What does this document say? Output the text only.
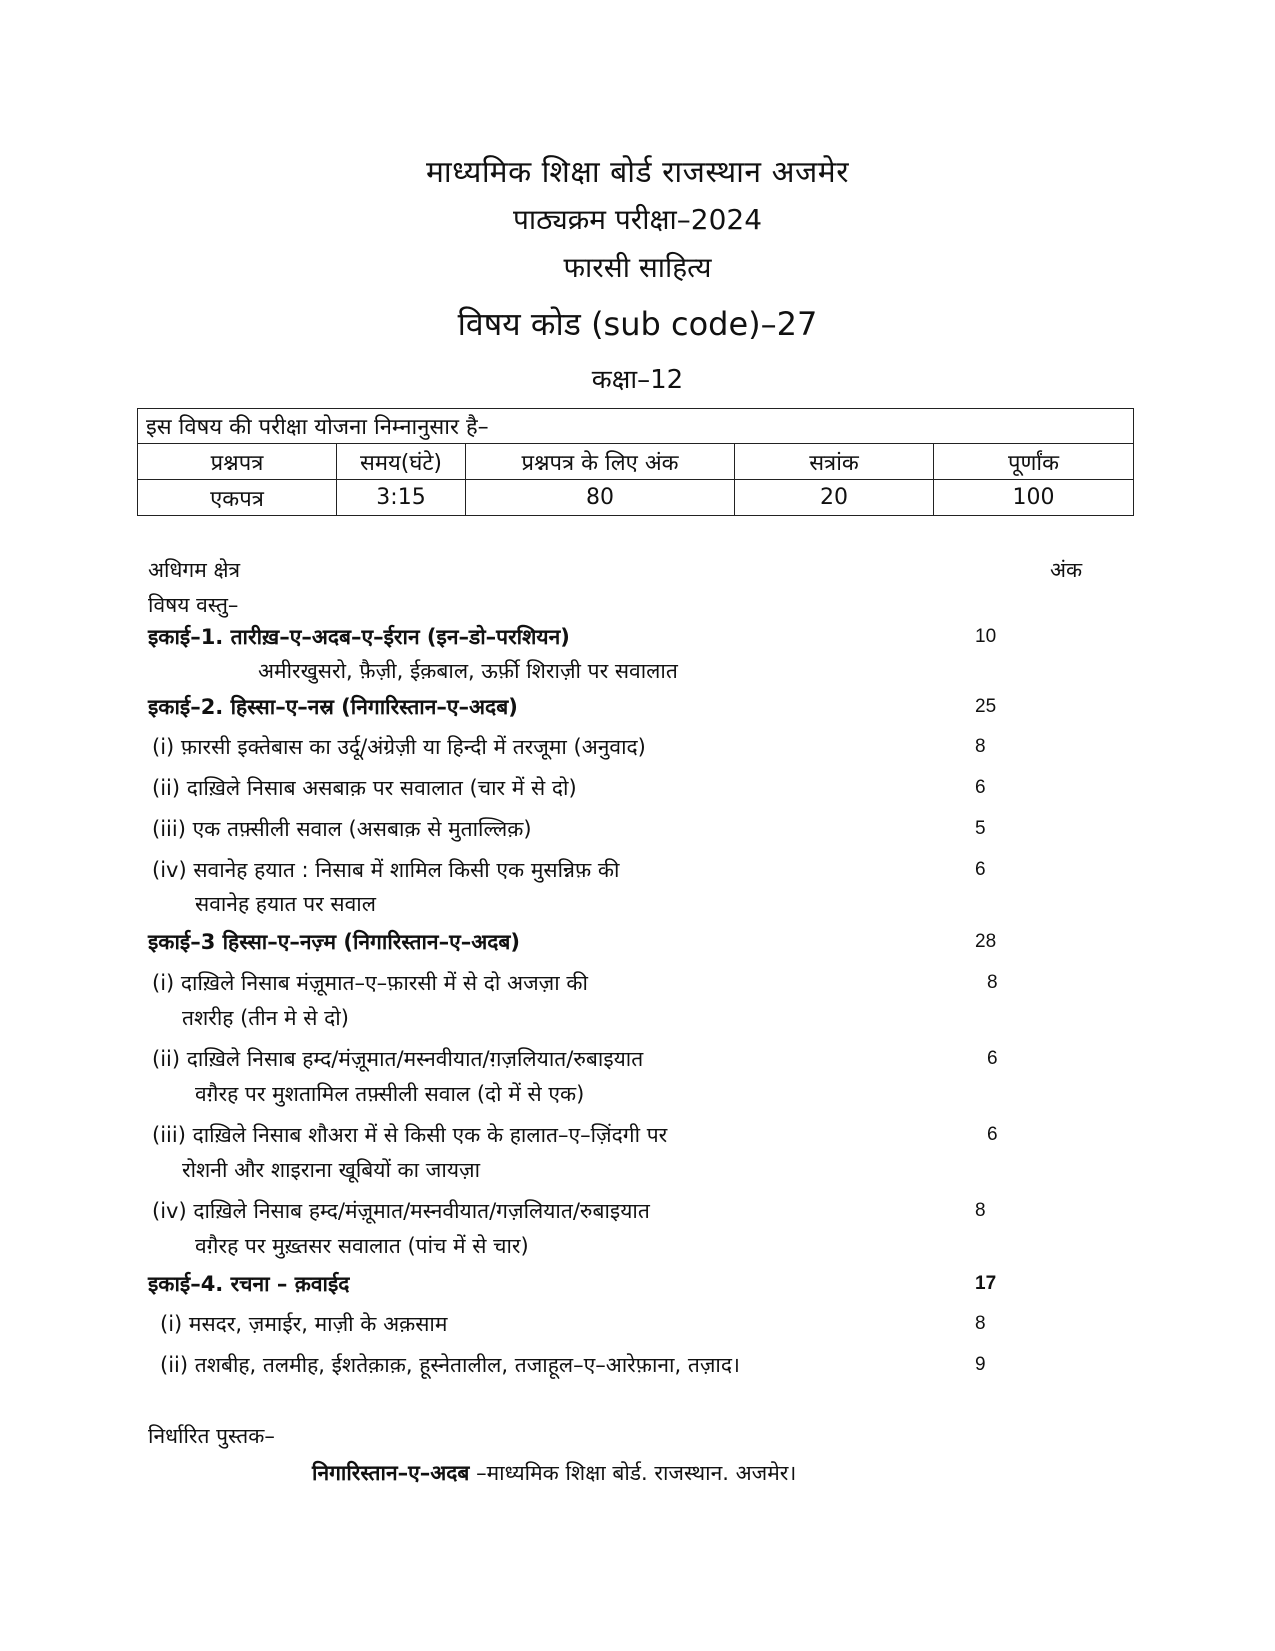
माध्यमिक शिक्षा बोर्ड राजस्थान अजमेर
पाठ्यक्रम परीक्षा–2024
फारसी साहित्य
विषय कोड (sub code)–27
कक्षा–12
इस विषय की परीक्षा योजना निम्नानुसार है–				
प्रश्नपत्र	समय(घंटे)	प्रश्नपत्र के लिए अंक	सत्रांक	पूर्णांक
एकपत्र	3:15	80	20	100
अधिगम क्षेत्र	अंक
विषय वस्तु–
इकाई–1. तारीख़–ए–अदब–ए–ईरान (इन–डो–परशियन)	10
अमीरखुसरो, फ़ैज़ी, ईक़बाल, ऊर्फ़ी शिराज़ी पर सवालात
इकाई–2. हिस्सा–ए–नस्र (निगारिस्तान–ए–अदब)	25
(i) फ़ारसी इक्तेबास का उर्दू/अंग्रेज़ी या हिन्दी में तरजूमा (अनुवाद)	8
(ii) दाख़िले निसाब असबाक़ पर सवालात (चार में से दो)	6
(iii) एक तफ़्सीली सवाल (असबाक़ से मुताल्लिक़)	5
(iv) सवानेह हयात : निसाब में शामिल किसी एक मुसन्निफ़ की	6
सवानेह हयात पर सवाल
इकाई–3 हिस्सा–ए–नज़्म (निगारिस्तान–ए–अदब)	28
(i) दाख़िले निसाब मंज़ूमात–ए–फ़ारसी में से दो अजज़ा की	8
तशरीह (तीन मे से दो)
(ii) दाख़िले निसाब हम्द/मंज़ूमात/मस्नवीयात/ग़ज़लियात/रुबाइयात	6
वग़ैरह पर मुशतामिल तफ़्सीली सवाल (दो में से एक)
(iii) दाख़िले निसाब शौअरा में से किसी एक के हालात–ए–ज़िंदगी पर	6
रोशनी और शाइराना खूबियों का जायज़ा
(iv) दाख़िले निसाब हम्द/मंज़ूमात/मस्नवीयात/गज़लियात/रुबाइयात	8
वग़ैरह पर मुख़्तसर सवालात (पांच में से चार)
इकाई–4. रचना – क़वाईद	17
(i) मसदर, ज़माईर, माज़ी के अक़साम	8
(ii) तशबीह, तलमीह, ईशतेक़ाक़, हूस्नेतालील, तजाहूल–ए–आरेफ़ाना, तज़ाद।	9
निर्धारित पुस्तक–
निगारिस्तान–ए–अदब –माध्यमिक शिक्षा बोर्ड. राजस्थान. अजमेर।
